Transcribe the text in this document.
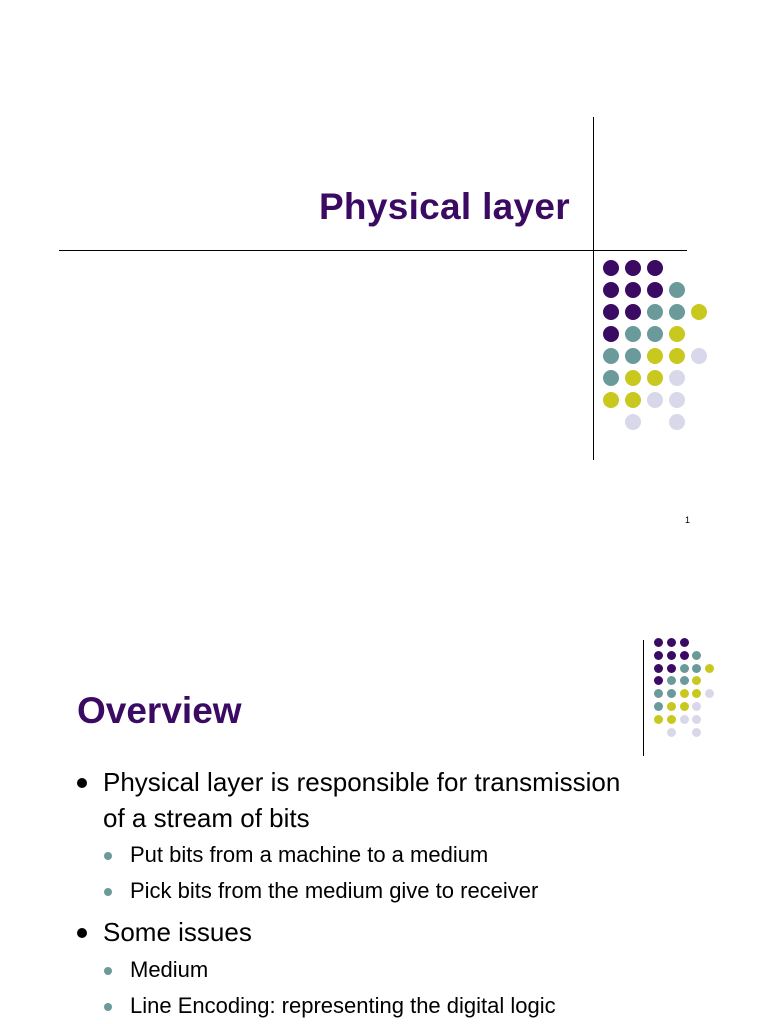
Physical layer
1
Overview
Physical layer is responsible for transmission
of a stream of bits
Put bits from a machine to a medium
Pick bits from the medium give to receiver
Some issues
Medium
Line Encoding: representing the digital logic
